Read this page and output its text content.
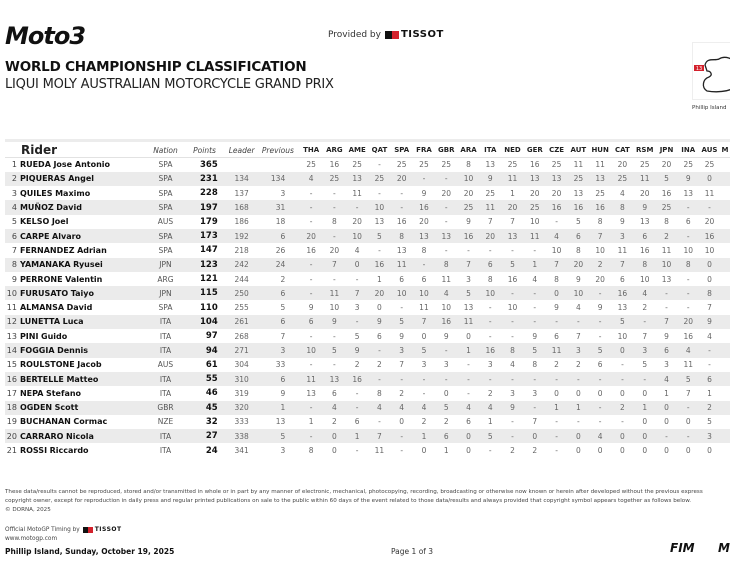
Moto3	Provided by TISSOT
WORLD CHAMPIONSHIP CLASSIFICATION
LIQUI MOLY AUSTRALIAN MOTORCYCLE GRAND PRIX
13
Phillip Island
Rider		Nation	Points	Leader	Previous	THA	ARG	AME	QAT	SPA	FRA	GBR	ARA	ITA	NED	GER	CZE	AUT	HUN	CAT	RSM	JPN	INA	AUS	M
1	RUEDA Jose Antonio	SPA	365			25	16	25	-	25	25	25	8	13	25	16	25	11	11	20	25	20	25	25	
2	PIQUERAS Angel	SPA	231	134	134	4	25	13	25	20	-	-	10	9	11	13	13	25	13	25	11	5	9	0	
3	QUILES Maximo	SPA	228	137	3	-	-	11	-	-	9	20	20	25	1	20	20	13	25	4	20	16	13	11	
4	MUÑOZ David	SPA	197	168	31	-	-	-	10	-	16	-	25	11	20	25	16	16	16	8	9	25	-	-	
5	KELSO Joel	AUS	179	186	18	-	8	20	13	16	20	-	9	7	7	10	-	5	8	9	13	8	6	20	
6	CARPE Alvaro	SPA	173	192	6	20	-	10	5	8	13	13	16	20	13	11	4	6	7	3	6	2	-	16	
7	FERNANDEZ Adrian	SPA	147	218	26	16	20	4	-	13	8	-	-	-	-	-	10	8	10	11	16	11	10	10	
8	YAMANAKA Ryusei	JPN	123	242	24	-	7	0	16	11	-	8	7	6	5	1	7	20	2	7	8	10	8	0	
9	PERRONE Valentin	ARG	121	244	2	-	-	-	1	6	6	11	3	8	16	4	8	9	20	6	10	13	-	0	
10	FURUSATO Taiyo	JPN	115	250	6	-	11	7	20	10	10	4	5	10	-	-	0	10	-	16	4	-	-	8	
11	ALMANSA David	SPA	110	255	5	9	10	3	0	-	11	10	13	-	10	-	9	4	9	13	2	-	-	7	
12	LUNETTA Luca	ITA	104	261	6	6	9	-	9	5	7	16	11	-	-	-	-	-	-	5	-	7	20	9	
13	PINI Guido	ITA	97	268	7	-	-	5	6	9	0	9	0	-	-	9	6	7	-	10	7	9	16	4	
14	FOGGIA Dennis	ITA	94	271	3	10	5	9	-	3	5	-	1	16	8	5	11	3	5	0	3	6	4	-	
15	ROULSTONE Jacob	AUS	61	304	33	-	-	2	2	7	3	3	-	3	4	8	2	2	6	-	5	3	11	-	
16	BERTELLE Matteo	ITA	55	310	6	11	13	16	-	-	-	-	-	-	-	-	-	-	-	-	-	4	5	6	
17	NEPA Stefano	ITA	46	319	9	13	6	-	8	2	-	0	-	2	3	3	0	0	0	0	0	1	7	1	
18	OGDEN Scott	GBR	45	320	1	-	4	-	4	4	4	5	4	4	9	-	1	1	-	2	1	0	-	2	
19	BUCHANAN Cormac	NZE	32	333	13	1	2	6	-	0	2	2	6	1	-	7	-	-	-	-	0	0	0	5	
20	CARRARO Nicola	ITA	27	338	5	-	0	1	7	-	1	6	0	5	-	0	-	0	4	0	0	-	-	3	
21	ROSSI Riccardo	ITA	24	341	3	8	0	-	11	-	0	1	0	-	2	2	-	0	0	0	0	0	0	0	
These data/results cannot be reproduced, stored and/or transmitted in whole or in part by any manner of electronic, mechanical, photocopying, recording, broadcasting or otherwise now known or herein after developed without the previous express
copyright owner, except for reproduction in daily press and regular printed publications on sale to the public within 60 days of the event related to those data/results and always provided that copyright symbol appears together as follows below.
© DORNA, 2025
Official MotoGP Timing by	TISSOT
www.motogp.com
Phillip Island, Sunday, October 19, 2025	Page 1 of 3	FIM M
